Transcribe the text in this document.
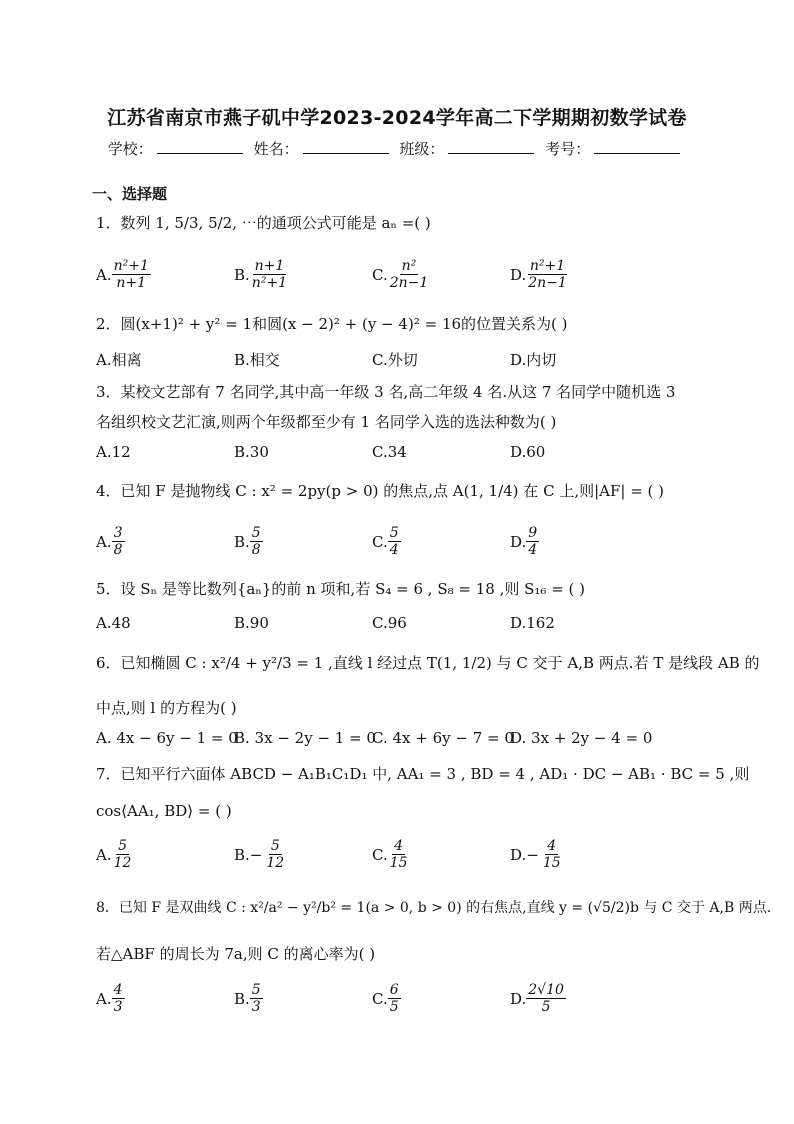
江苏省南京市燕子矶中学2023-2024学年高二下学期期初数学试卷
学校：	姓名：	班级：	考号：
一、选择题
1．数列 1, 5/3, 5/2, ⋯的通项公式可能是 aₙ =( )
A. $\frac{\text{n²+1}}{n+1}$	B. $\frac{n+1}{\text{n²+1}}$	C. $\frac{\text{n²}}{2n-1}$	D. $\frac{\text{n²+1}}{2n-1}$
2．圆(x+1)² + y² = 1和圆(x − 2)² + (y − 4)² = 16的位置关系为( )
A.相离	B.相交	C.外切	D.内切
3．某校文艺部有 7 名同学,其中高一年级 3 名,高二年级 4 名.从这 7 名同学中随机选 3
名组织校文艺汇演,则两个年级都至少有 1 名同学入选的选法种数为( )
A.12	B.30	C.34	D.60
4．已知 F 是抛物线 C : x² = 2py(p > 0) 的焦点,点 A(1, 1/4) 在 C 上,则|AF| = ( )
A. $\frac{3}{8}$	B. $\frac{5}{8}$	C. $\frac{5}{4}$	D. $\frac{9}{4}$
5．设 Sₙ 是等比数列{aₙ}的前 n 项和,若 S₄ = 6 , S₈ = 18 ,则 S₁₆ = ( )
A.48	B.90	C.96	D.162
6．已知椭圆 C : x²/4 + y²/3 = 1 ,直线 l 经过点 T(1, 1/2) 与 C 交于 A,B 两点.若 T 是线段 AB 的
中点,则 l 的方程为( )
A. 4x − 6y − 1 = 0
B. 3x − 2y − 1 = 0
C. 4x + 6y − 7 = 0
D. 3x + 2y − 4 = 0
7．已知平行六面体 ABCD − A₁B₁C₁D₁ 中, AA₁ = 3 , BD = 4 , AD₁ · DC − AB₁ · BC = 5 ,则
cos⟨AA₁, BD⟩ = ( )
A. $\frac{5}{12}$	B. − $\frac{5}{12}$	C. $\frac{4}{15}$	D. − $\frac{4}{15}$
8．已知 F 是双曲线 C : x²/a² − y²/b² = 1(a > 0, b > 0) 的右焦点,直线 y = (√5/2)b 与 C 交于 A,B 两点.
若△ABF 的周长为 7a,则 C 的离心率为( )
A. $\frac{4}{3}$	B. $\frac{5}{3}$	C. $\frac{6}{5}$	D. $\frac{2√10}{5}$
